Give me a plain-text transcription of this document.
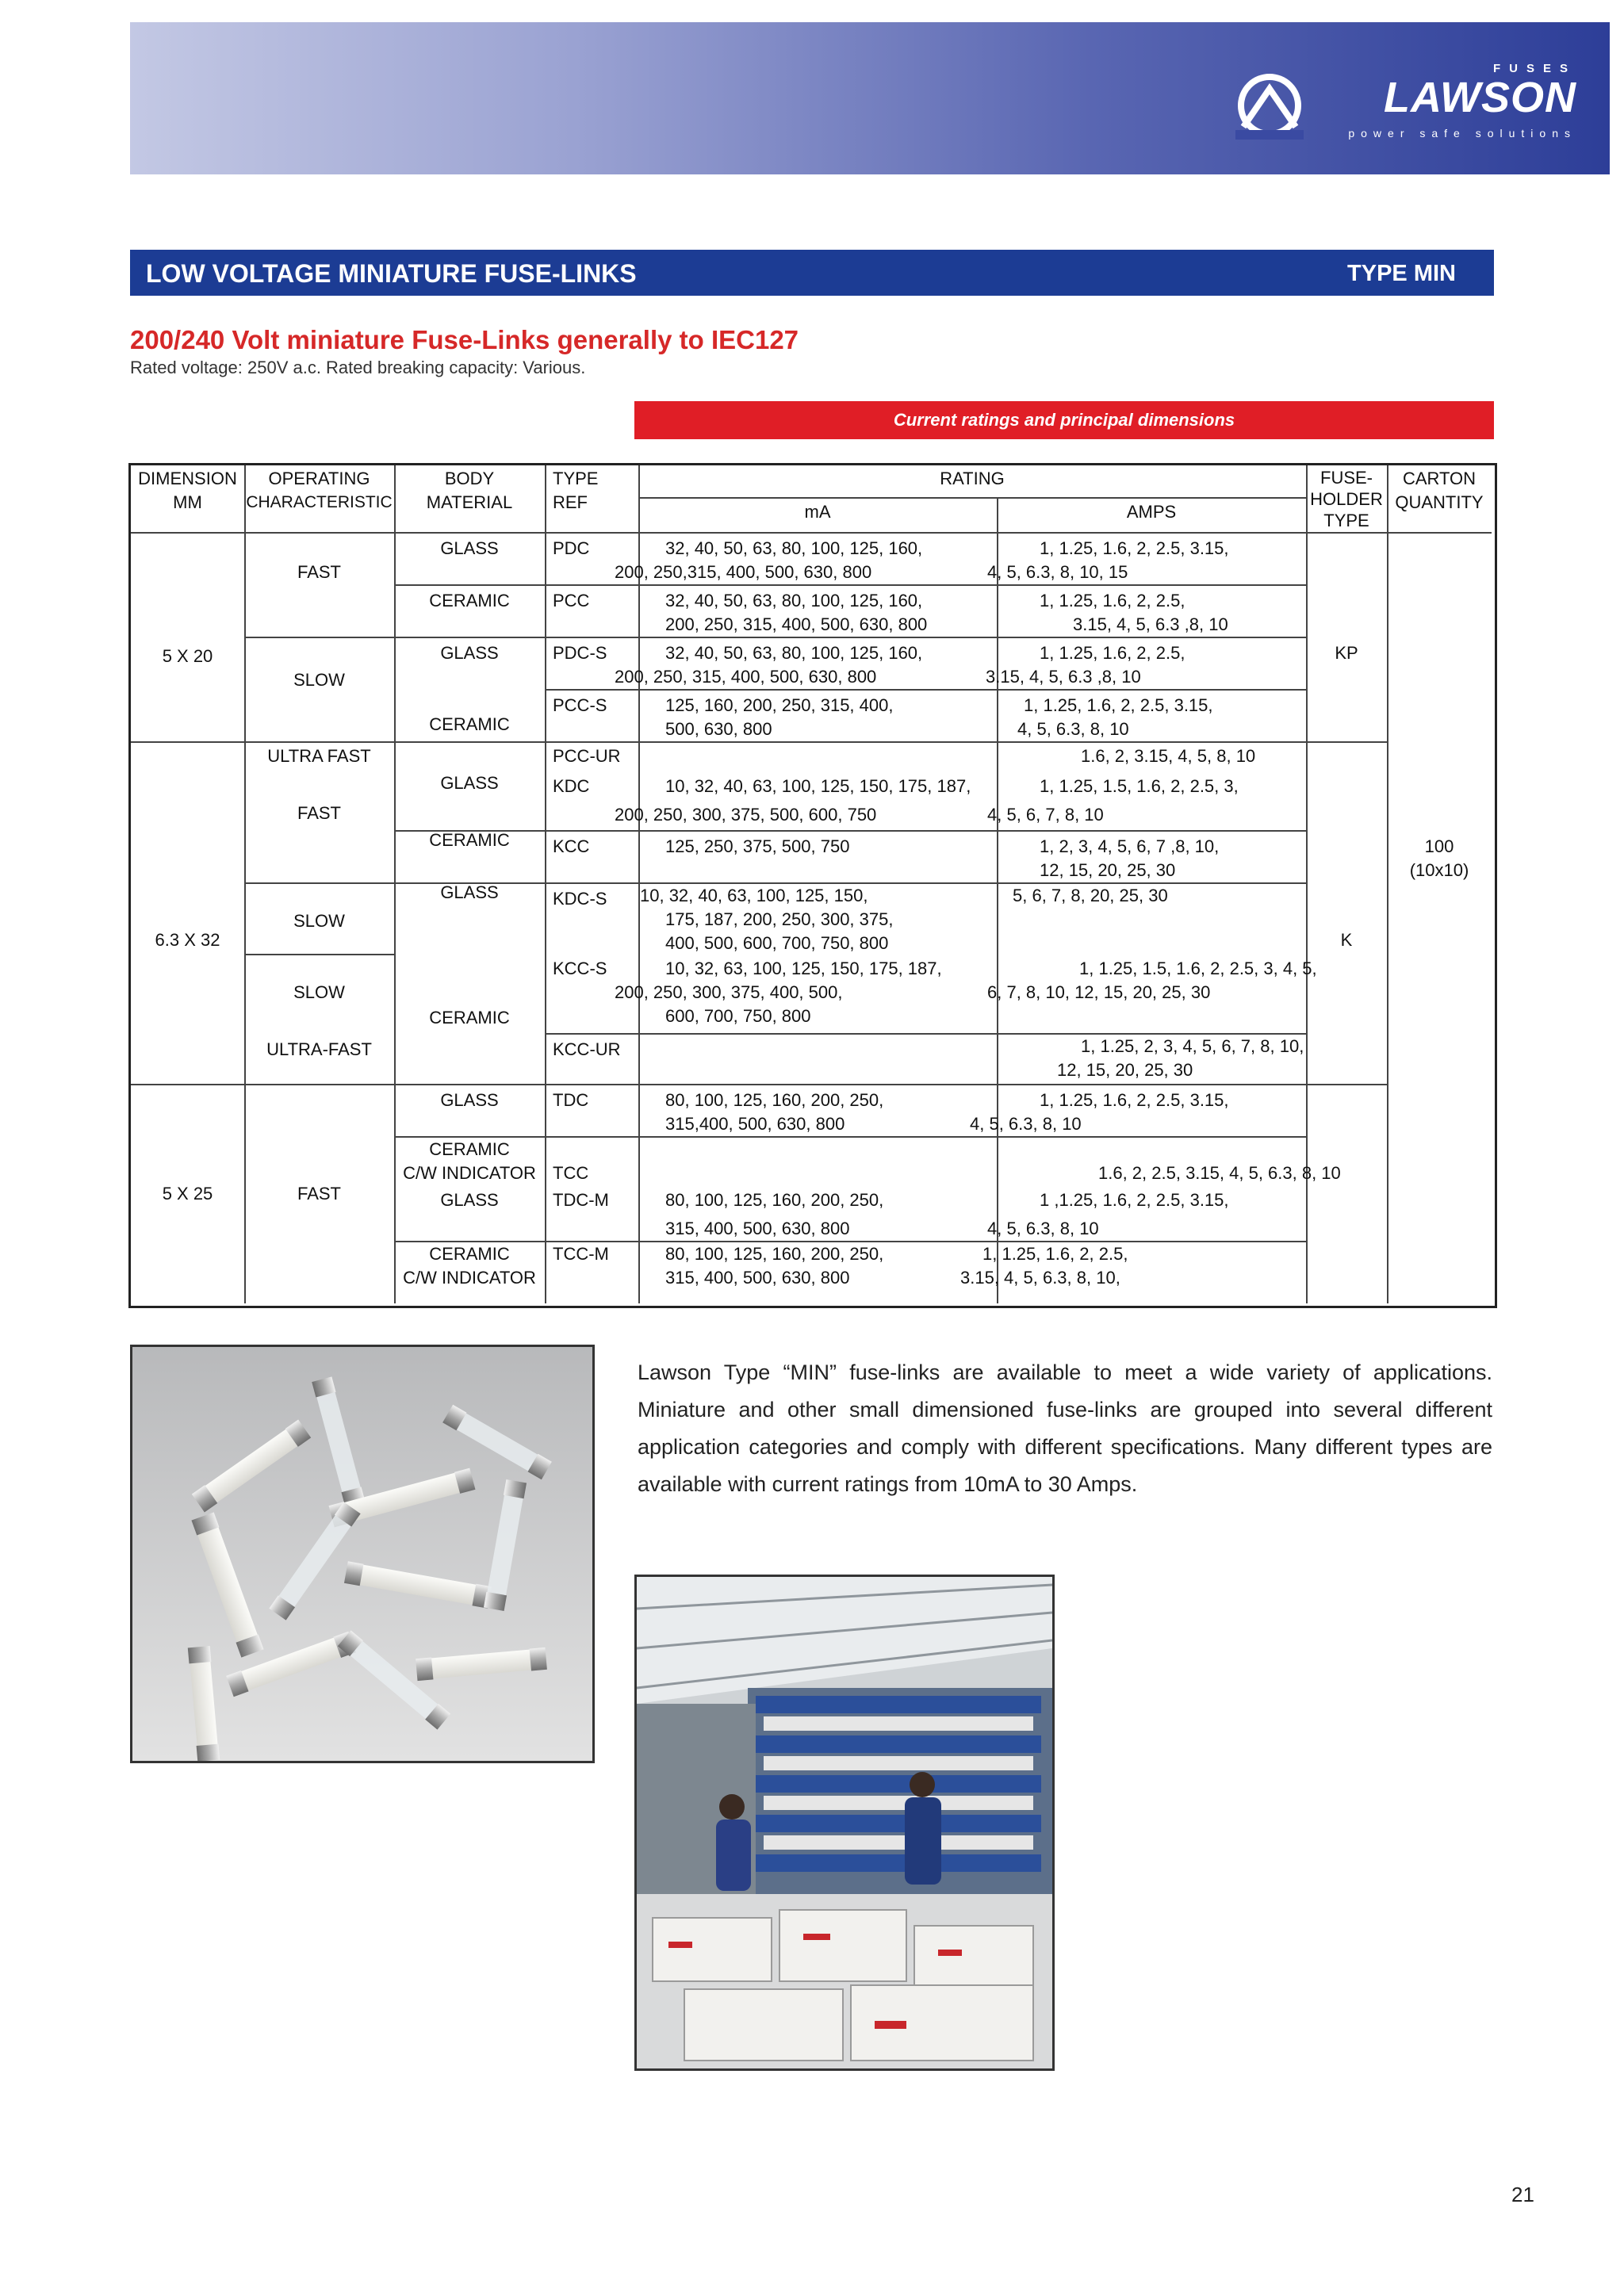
FUSES
LAWSON
power safe solutions
LOW VOLTAGE MINIATURE FUSE-LINKS	TYPE MIN
200/240 Volt miniature Fuse-Links generally to IEC127
Rated voltage: 250V a.c. Rated breaking capacity: Various.
Current ratings and principal dimensions
DIMENSION
MM
OPERATING
CHARACTERISTIC
BODY
MATERIAL
TYPE
REF
RATING
mA	AMPS
FUSE-
HOLDER
TYPE
CARTON
QUANTITY
5 X 20
6.3 X 32
5 X 25
FAST
SLOW
ULTRA FAST
FAST
SLOW
SLOW
ULTRA-FAST
FAST
GLASS
CERAMIC
GLASS
CERAMIC
GLASS
CERAMIC
GLASS
CERAMIC
GLASS
CERAMIC
C/W INDICATOR
GLASS
CERAMIC
C/W INDICATOR
PDC
PCC
PDC-S
PCC-S
PCC-UR
KDC
KCC
KDC-S
KCC-S
KCC-UR
TDC
TCC
TDC-M
TCC-M
32, 40, 50, 63, 80, 100, 125, 160,
200, 250,315, 400, 500, 630, 800
32, 40, 50, 63, 80, 100, 125, 160,
200, 250, 315, 400, 500, 630, 800
32, 40, 50, 63, 80, 100, 125, 160,
200, 250, 315, 400, 500, 630, 800
125, 160, 200, 250, 315, 400,
500, 630, 800
10, 32, 40, 63, 100, 125, 150, 175, 187,
200, 250, 300, 375, 500, 600, 750
125, 250, 375, 500, 750
10, 32, 40, 63, 100, 125, 150,
175, 187, 200, 250, 300, 375,
400, 500, 600, 700, 750, 800
10, 32, 63, 100, 125, 150, 175, 187,
200, 250, 300, 375, 400, 500,
600, 700, 750, 800
80, 100, 125, 160, 200, 250,
315,400, 500, 630, 800
80, 100, 125, 160, 200, 250,
315, 400, 500, 630, 800
80, 100, 125, 160, 200, 250,
315, 400, 500, 630, 800
1, 1.25, 1.6, 2, 2.5, 3.15,
4, 5, 6.3, 8, 10, 15
1, 1.25, 1.6, 2, 2.5,
3.15, 4, 5, 6.3 ,8, 10
1, 1.25, 1.6, 2, 2.5,
3.15, 4, 5, 6.3 ,8, 10
1, 1.25, 1.6, 2, 2.5, 3.15,
4, 5, 6.3, 8, 10
1.6, 2, 3.15, 4, 5, 8, 10
1, 1.25, 1.5, 1.6, 2, 2.5, 3,
4, 5, 6, 7, 8, 10
1, 2, 3, 4, 5, 6, 7 ,8, 10,
12, 15, 20, 25, 30
5, 6, 7, 8, 20, 25, 30
1, 1.25, 1.5, 1.6, 2, 2.5, 3, 4, 5,
6, 7, 8, 10, 12, 15, 20, 25, 30
1, 1.25, 2, 3, 4, 5, 6, 7, 8, 10,
12, 15, 20, 25, 30
1, 1.25, 1.6, 2, 2.5, 3.15,
4, 5, 6.3, 8, 10
1.6, 2, 2.5, 3.15, 4, 5, 6.3, 8, 10
1 ,1.25, 1.6, 2, 2.5, 3.15,
4, 5, 6.3, 8, 10
1, 1.25, 1.6, 2, 2.5,
3.15, 4, 5, 6.3, 8, 10,
KP
K
100
(10x10)
Lawson Type “MIN” fuse-links are available to meet a wide variety of applications. Miniature and other small dimensioned fuse-links are grouped into several different application categories and comply with different specifications. Many different types are available with current ratings from 10mA to 30 Amps.
21
